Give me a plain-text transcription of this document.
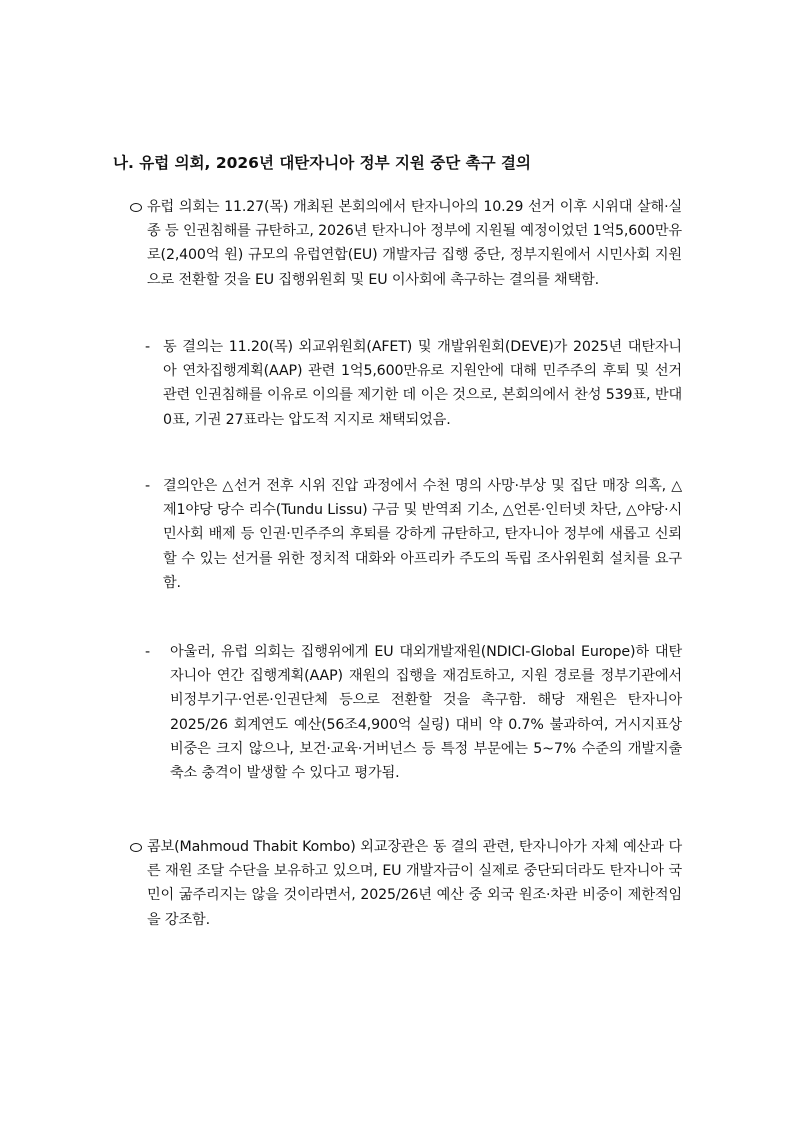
나. 유럽 의회, 2026년 대탄자니아 정부 지원 중단 촉구 결의
유럽 의회는 11.27(목) 개최된 본회의에서 탄자니아의 10.29 선거 이후 시위대 살해·실종 등 인권침해를 규탄하고, 2026년 탄자니아 정부에 지원될 예정이었던 1억5,600만유로(2,400억 원) 규모의 유럽연합(EU) 개발자금 집행 중단, 정부지원에서 시민사회 지원으로 전환할 것을 EU 집행위원회 및 EU 이사회에 촉구하는 결의를 채택함.
- 동 결의는 11.20(목) 외교위원회(AFET) 및 개발위원회(DEVE)가 2025년 대탄자니아 연차집행계획(AAP) 관련 1억5,600만유로 지원안에 대해 민주주의 후퇴 및 선거 관련 인권침해를 이유로 이의를 제기한 데 이은 것으로, 본회의에서 찬성 539표, 반대 0표, 기권 27표라는 압도적 지지로 채택되었음.
- 결의안은 △선거 전후 시위 진압 과정에서 수천 명의 사망·부상 및 집단 매장 의혹, △제1야당 당수 리수(Tundu Lissu) 구금 및 반역죄 기소, △언론·인터넷 차단, △야당·시민사회 배제 등 인권·민주주의 후퇴를 강하게 규탄하고, 탄자니아 정부에 새롭고 신뢰할 수 있는 선거를 위한 정치적 대화와 아프리카 주도의 독립 조사위원회 설치를 요구함.
- 아울러, 유럽 의회는 집행위에게 EU 대외개발재원(NDICI-Global Europe)하 대탄자니아 연간 집행계획(AAP) 재원의 집행을 재검토하고, 지원 경로를 정부기관에서 비정부기구·언론·인권단체 등으로 전환할 것을 촉구함. 해당 재원은 탄자니아 2025/26 회계연도 예산(56조4,900억 실링) 대비 약 0.7% 불과하여, 거시지표상 비중은 크지 않으나, 보건·교육·거버넌스 등 특정 부문에는 5~7% 수준의 개발지출 축소 충격이 발생할 수 있다고 평가됨.
콤보(Mahmoud Thabit Kombo) 외교장관은 동 결의 관련, 탄자니아가 자체 예산과 다른 재원 조달 수단을 보유하고 있으며, EU 개발자금이 실제로 중단되더라도 탄자니아 국민이 굶주리지는 않을 것이라면서, 2025/26년 예산 중 외국 원조·차관 비중이 제한적임을 강조함.
